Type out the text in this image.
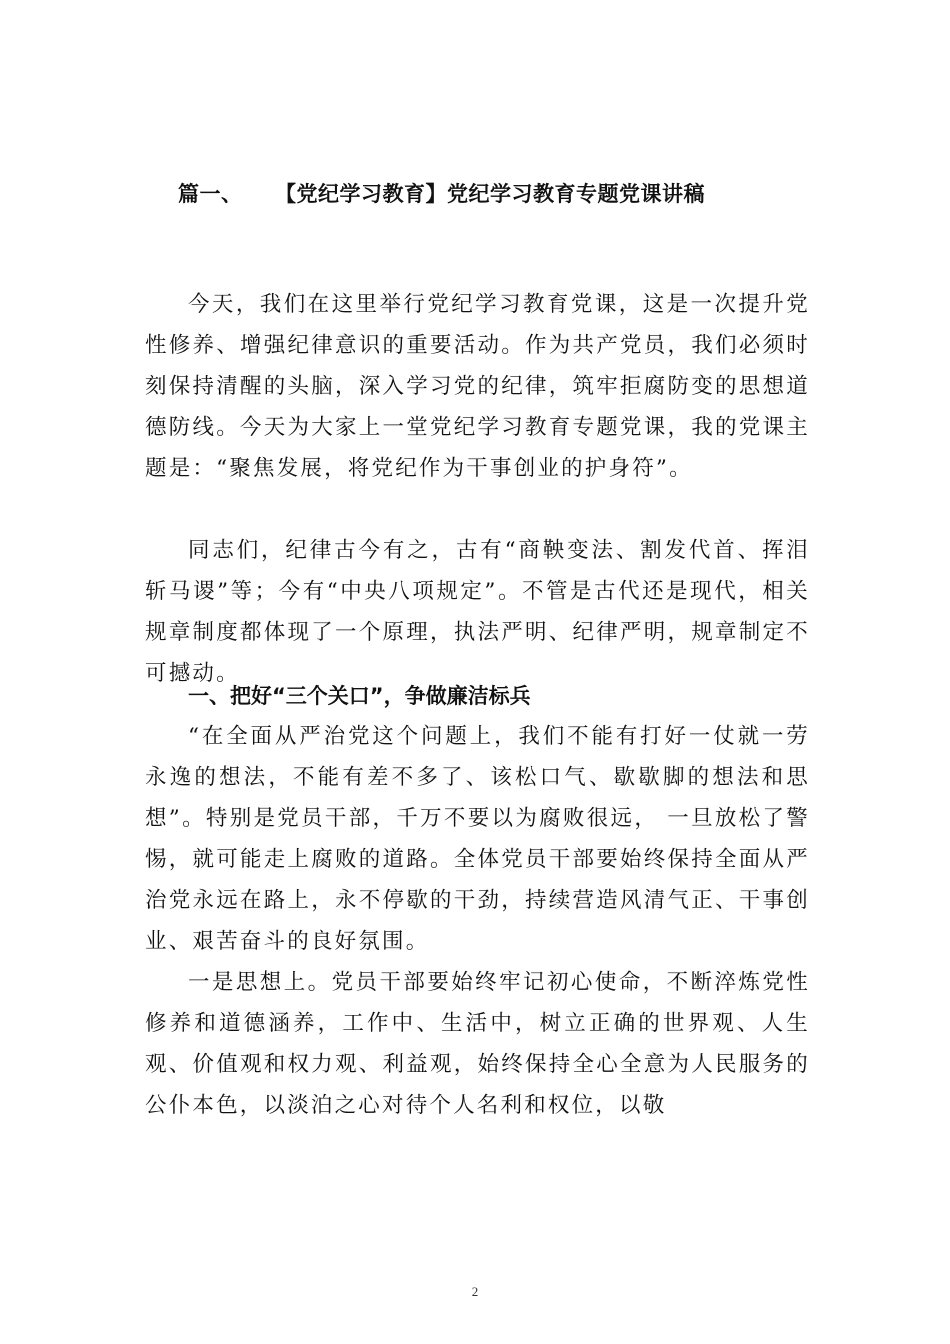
篇一、 【党纪学习教育】党纪学习教育专题党课讲稿

今天，我们在这里举行党纪学习教育党课，这是一次提升党性修养、增强纪律意识的重要活动。作为共产党员，我们必须时刻保持清醒的头脑，深入学习党的纪律，筑牢拒腐防变的思想道德防线。今天为大家上一堂党纪学习教育专题党课，我的党课主题是：“聚焦发展，将党纪作为干事创业的护身符”。

同志们，纪律古今有之，古有“商鞅变法、割发代首、挥泪斩马谡”等；今有“中央八项规定”。不管是古代还是现代，相关规章制度都体现了一个原理，执法严明、纪律严明，规章制定不可撼动。

一、把好“三个关口”，争做廉洁标兵

“在全面从严治党这个问题上，我们不能有打好一仗就一劳永逸的想法，不能有差不多了、该松口气、歇歇脚的想法和思想”。特别是党员干部，千万不要以为腐败很远， 一旦放松了警惕，就可能走上腐败的道路。全体党员干部要始终保持全面从严治党永远在路上，永不停歇的干劲，持续营造风清气正、干事创业、艰苦奋斗的良好氛围。

一是思想上。党员干部要始终牢记初心使命，不断淬炼党性修养和道德涵养，工作中、生活中，树立正确的世界观、人生观、价值观和权力观、利益观，始终保持全心全意为人民服务的公仆本色，以淡泊之心对待个人名利和权位，以敬

2
